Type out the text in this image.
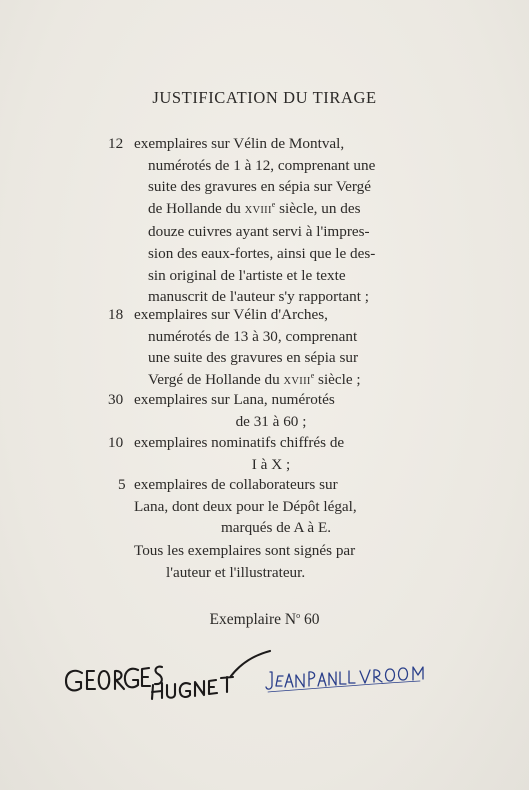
JUSTIFICATION DU TIRAGE
12 exemplaires sur Vélin de Montval,
numérotés de 1 à 12, comprenant une
suite des gravures en sépia sur Vergé
de Hollande du XVIIIe siècle, un des
douze cuivres ayant servi à l'impres-
sion des eaux-fortes, ainsi que le des-
sin original de l'artiste et le texte
manuscrit de l'auteur s'y rapportant ;
18 exemplaires sur Vélin d'Arches,
numérotés de 13 à 30, comprenant
une suite des gravures en sépia sur
Vergé de Hollande du XVIIIe siècle ;
30 exemplaires sur Lana, numérotés
de 31 à 60 ;
10 exemplaires nominatifs chiffrés de
I à X ;
5 exemplaires de collaborateurs sur
Lana, dont deux pour le Dépôt légal,
marqués de A à E.
Tous les exemplaires sont signés par
l'auteur et l'illustrateur.
Exemplaire $N^o$ 60
